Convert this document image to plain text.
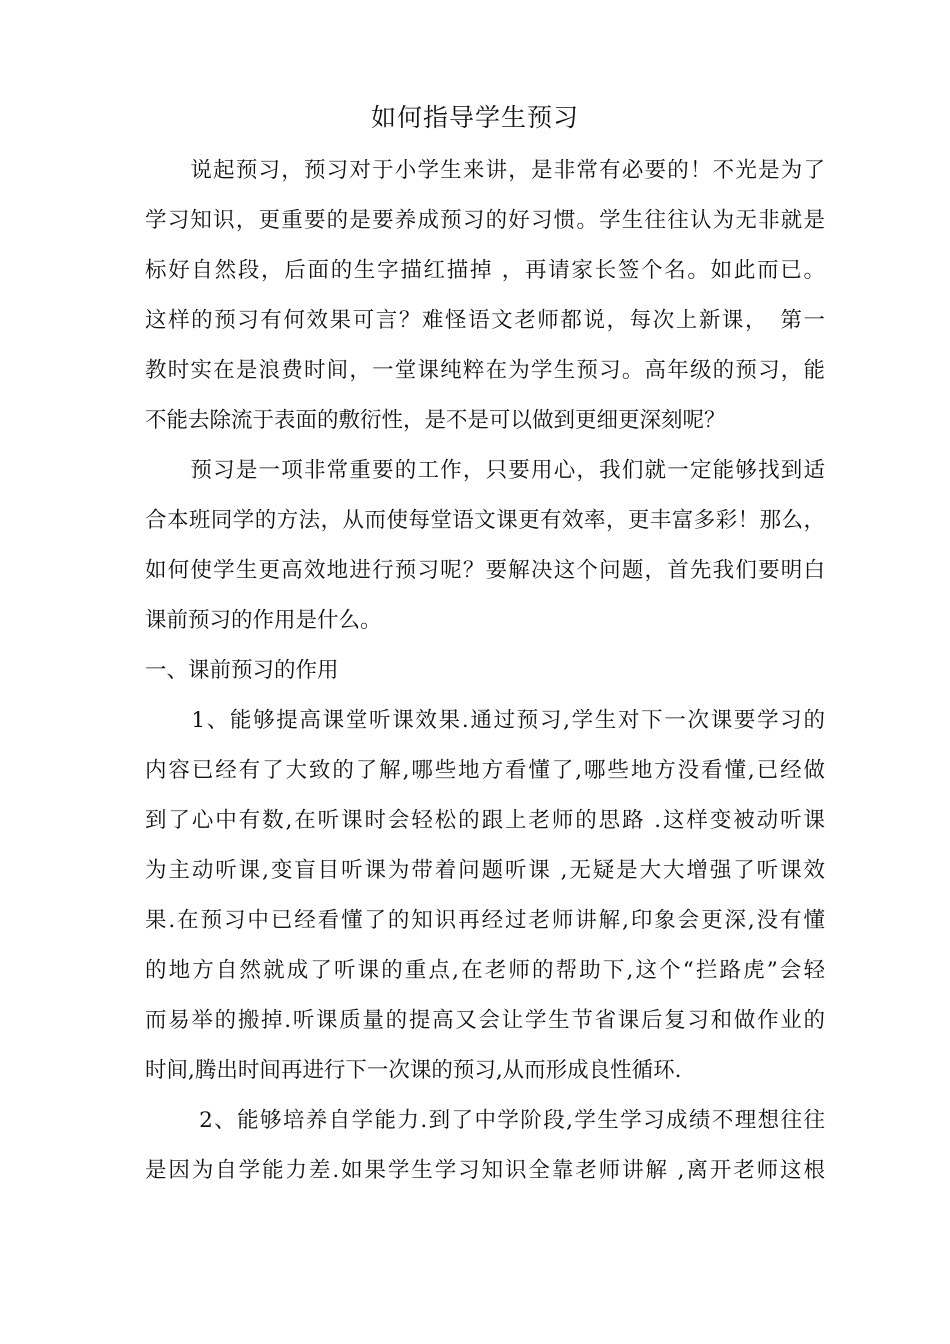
如何指导学生预习
　　说起预习，预习对于小学生来讲，是非常有必要的！不光是为了
学习知识，更重要的是要养成预习的好习惯。学生往往认为无非就是
标好自然段，后面的生字描红描掉 ，再请家长签个名。如此而已。
这样的预习有何效果可言？难怪语文老师都说，每次上新课，　第一
教时实在是浪费时间，一堂课纯粹在为学生预习。高年级的预习，能
不能去除流于表面的敷衍性，是不是可以做到更细更深刻呢？
　　预习是一项非常重要的工作，只要用心，我们就一定能够找到适
合本班同学的方法，从而使每堂语文课更有效率，更丰富多彩！那么，
如何使学生更高效地进行预习呢？要解决这个问题，首先我们要明白
课前预习的作用是什么。
一、课前预习的作用
　　1、能够提高课堂听课效果.通过预习,学生对下一次课要学习的
内容已经有了大致的了解,哪些地方看懂了,哪些地方没看懂,已经做
到了心中有数,在听课时会轻松的跟上老师的思路 .这样变被动听课
为主动听课,变盲目听课为带着问题听课 ,无疑是大大增强了听课效
果.在预习中已经看懂了的知识再经过老师讲解,印象会更深,没有懂
的地方自然就成了听课的重点,在老师的帮助下,这个“拦路虎”会轻
而易举的搬掉.听课质量的提高又会让学生节省课后复习和做作业的
时间,腾出时间再进行下一次课的预习,从而形成良性循环.
　　 2、能够培养自学能力.到了中学阶段,学生学习成绩不理想往往
是因为自学能力差.如果学生学习知识全靠老师讲解 ,离开老师这根
